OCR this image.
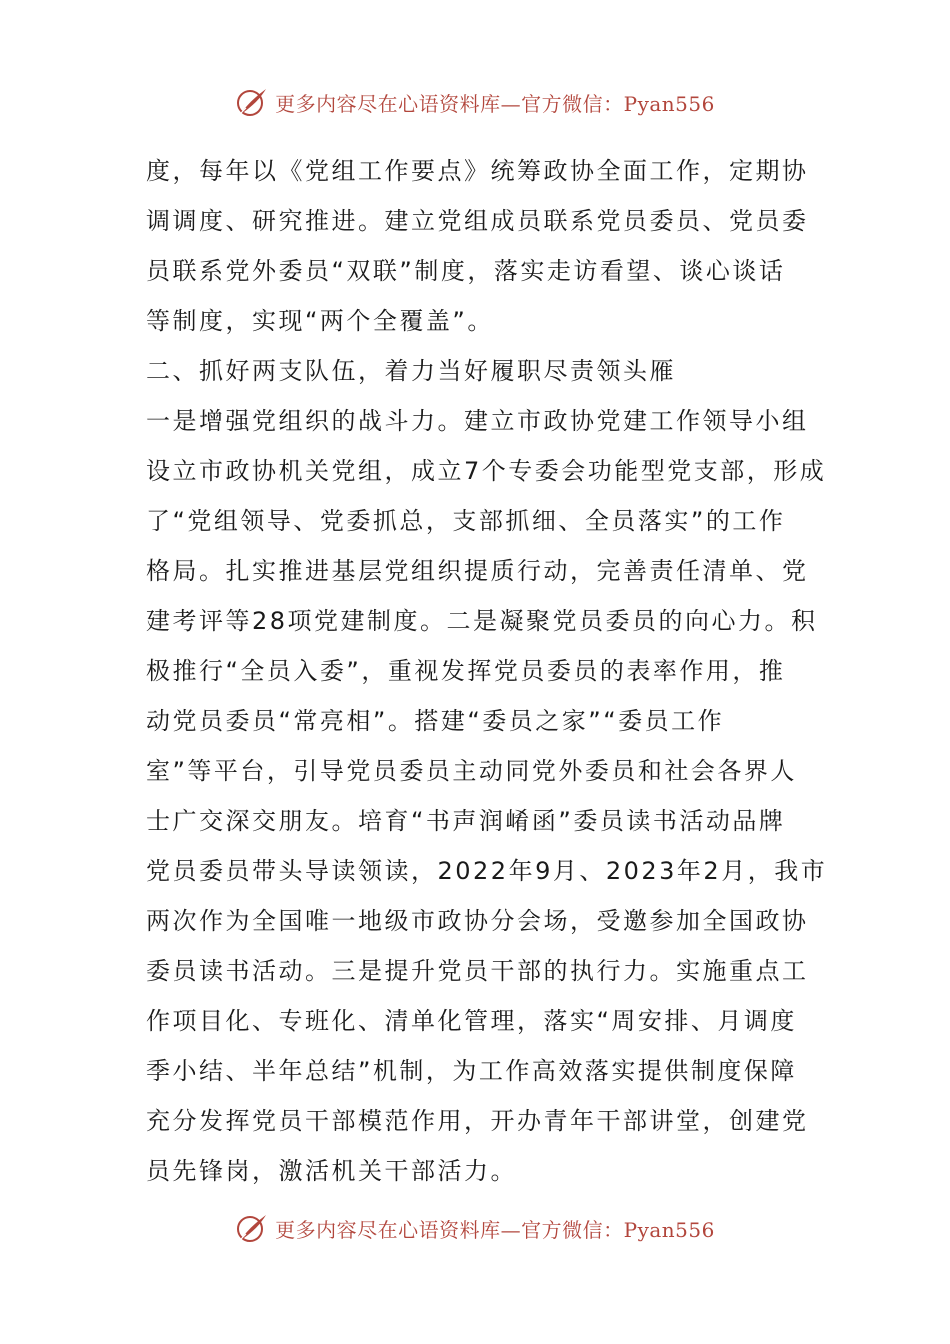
更多内容尽在心语资料库—官方微信：Pyan556
度，每年以《党组工作要点》统筹政协全面工作，定期协
调调度、研究推进。建立党组成员联系党员委员、党员委
员联系党外委员“双联”制度，落实走访看望、谈心谈话
等制度，实现“两个全覆盖”。
二、抓好两支队伍，着力当好履职尽责领头雁
一是增强党组织的战斗力。建立市政协党建工作领导小组
设立市政协机关党组，成立7个专委会功能型党支部，形成
了“党组领导、党委抓总，支部抓细、全员落实”的工作
格局。扎实推进基层党组织提质行动，完善责任清单、党
建考评等28项党建制度。二是凝聚党员委员的向心力。积
极推行“全员入委”，重视发挥党员委员的表率作用，推
动党员委员“常亮相”。搭建“委员之家”“委员工作
室”等平台，引导党员委员主动同党外委员和社会各界人
士广交深交朋友。培育“书声润崤函”委员读书活动品牌
党员委员带头导读领读，2022年9月、2023年2月，我市
两次作为全国唯一地级市政协分会场，受邀参加全国政协
委员读书活动。三是提升党员干部的执行力。实施重点工
作项目化、专班化、清单化管理，落实“周安排、月调度
季小结、半年总结”机制，为工作高效落实提供制度保障
充分发挥党员干部模范作用，开办青年干部讲堂，创建党
员先锋岗，激活机关干部活力。
更多内容尽在心语资料库—官方微信：Pyan556
